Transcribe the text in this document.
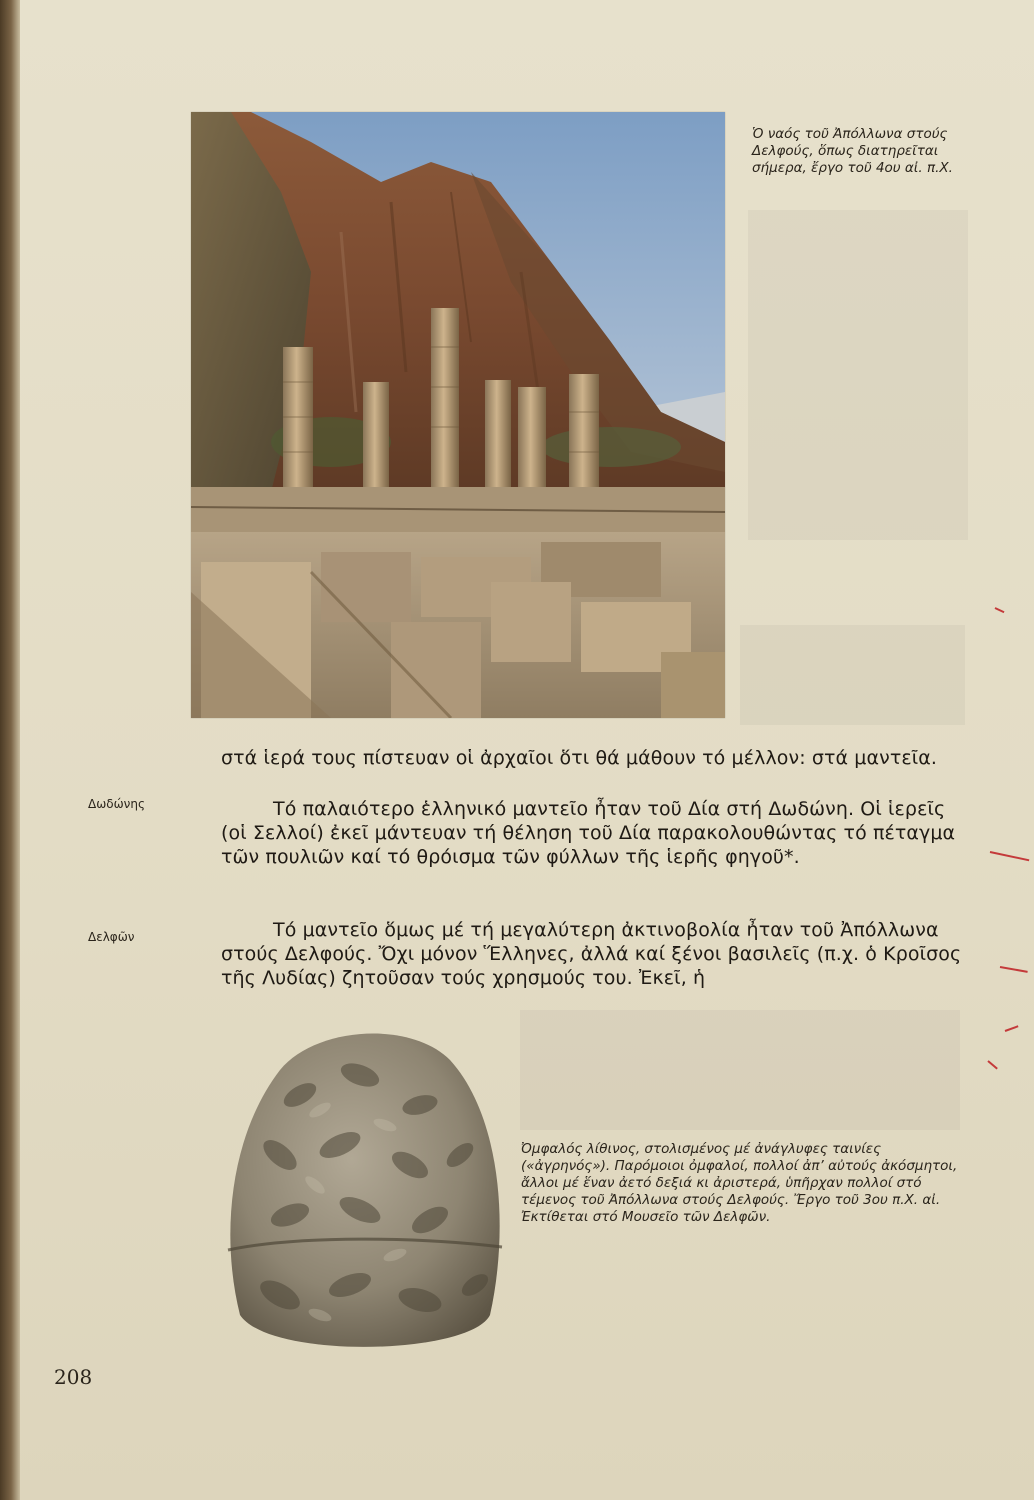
Ὁ ναός τοῦ Ἀπόλλωνα στούς Δελφούς, ὅπως διατηρεῖται σήμερα, ἔργο τοῦ 4ου αἰ. π.Χ.

στά ἱερά τους πίστευαν οἱ ἀρχαῖοι ὅτι θά μάθουν τό μέλλον: στά μαντεῖα.

Τό παλαιότερο ἑλληνικό μαντεῖο ἦταν τοῦ Δία στή Δωδώνη. Οἱ ἱερεῖς (οἱ Σελλοί) ἐκεῖ μάντευαν τή θέληση τοῦ Δία παρακολουθώντας τό πέταγμα τῶν πουλιῶν καί τό θρόισμα τῶν φύλλων τῆς ἱερῆς φηγοῦ*.

Τό μαντεῖο ὅμως μέ τή μεγαλύτερη ἀκτινοβολία ἦταν τοῦ Ἀπόλλωνα στούς Δελφούς. Ὄχι μόνον Ἕλληνες, ἀλλά καί ξένοι βασιλεῖς (π.χ. ὁ Κροῖσος τῆς Λυδίας) ζητοῦσαν τούς χρησμούς του. Ἐκεῖ, ἡ

Δωδώνης
Δελφῶν
Ὀμφαλός λίθινος, στολισμένος μέ ἀνάγλυφες ταινίες («ἀγρηνός»). Παρόμοιοι ὀμφαλοί, πολλοί ἀπ’ αὐτούς ἀκόσμητοι, ἄλλοι μέ ἕναν ἀετό δεξιά κι ἀριστερά, ὑπῆρχαν πολλοί στό τέμενος τοῦ Ἀπόλλωνα στούς Δελφούς. Ἔργο τοῦ 3ου π.Χ. αἰ. Ἐκτίθεται στό Μουσεῖο τῶν Δελφῶν.
208
